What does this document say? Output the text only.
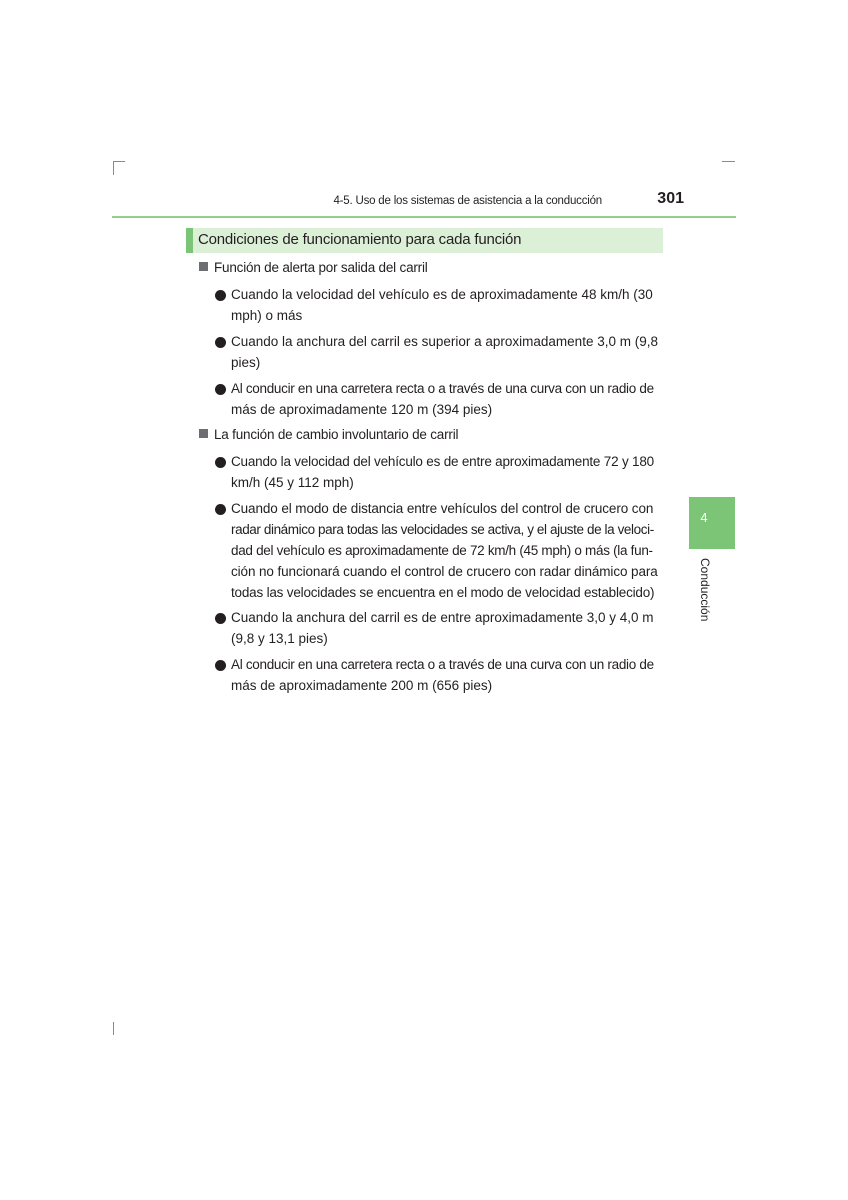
4-5. Uso de los sistemas de asistencia a la conducción	301
Condiciones de funcionamiento para cada función
Función de alerta por salida del carril
Cuando la velocidad del vehículo es de aproximadamente 48 km/h (30
mph) o más
Cuando la anchura del carril es superior a aproximadamente 3,0 m (9,8
pies)
Al conducir en una carretera recta o a través de una curva con un radio de
más de aproximadamente 120 m (394 pies)
La función de cambio involuntario de carril
Cuando la velocidad del vehículo es de entre aproximadamente 72 y 180
km/h (45 y 112 mph)
Cuando el modo de distancia entre vehículos del control de crucero con
radar dinámico para todas las velocidades se activa, y el ajuste de la veloci-
dad del vehículo es aproximadamente de 72 km/h (45 mph) o más (la fun-
ción no funcionará cuando el control de crucero con radar dinámico para
todas las velocidades se encuentra en el modo de velocidad establecido)
Cuando la anchura del carril es de entre aproximadamente 3,0 y 4,0 m
(9,8 y 13,1 pies)
Al conducir en una carretera recta o a través de una curva con un radio de
más de aproximadamente 200 m (656 pies)
4
Conducción
